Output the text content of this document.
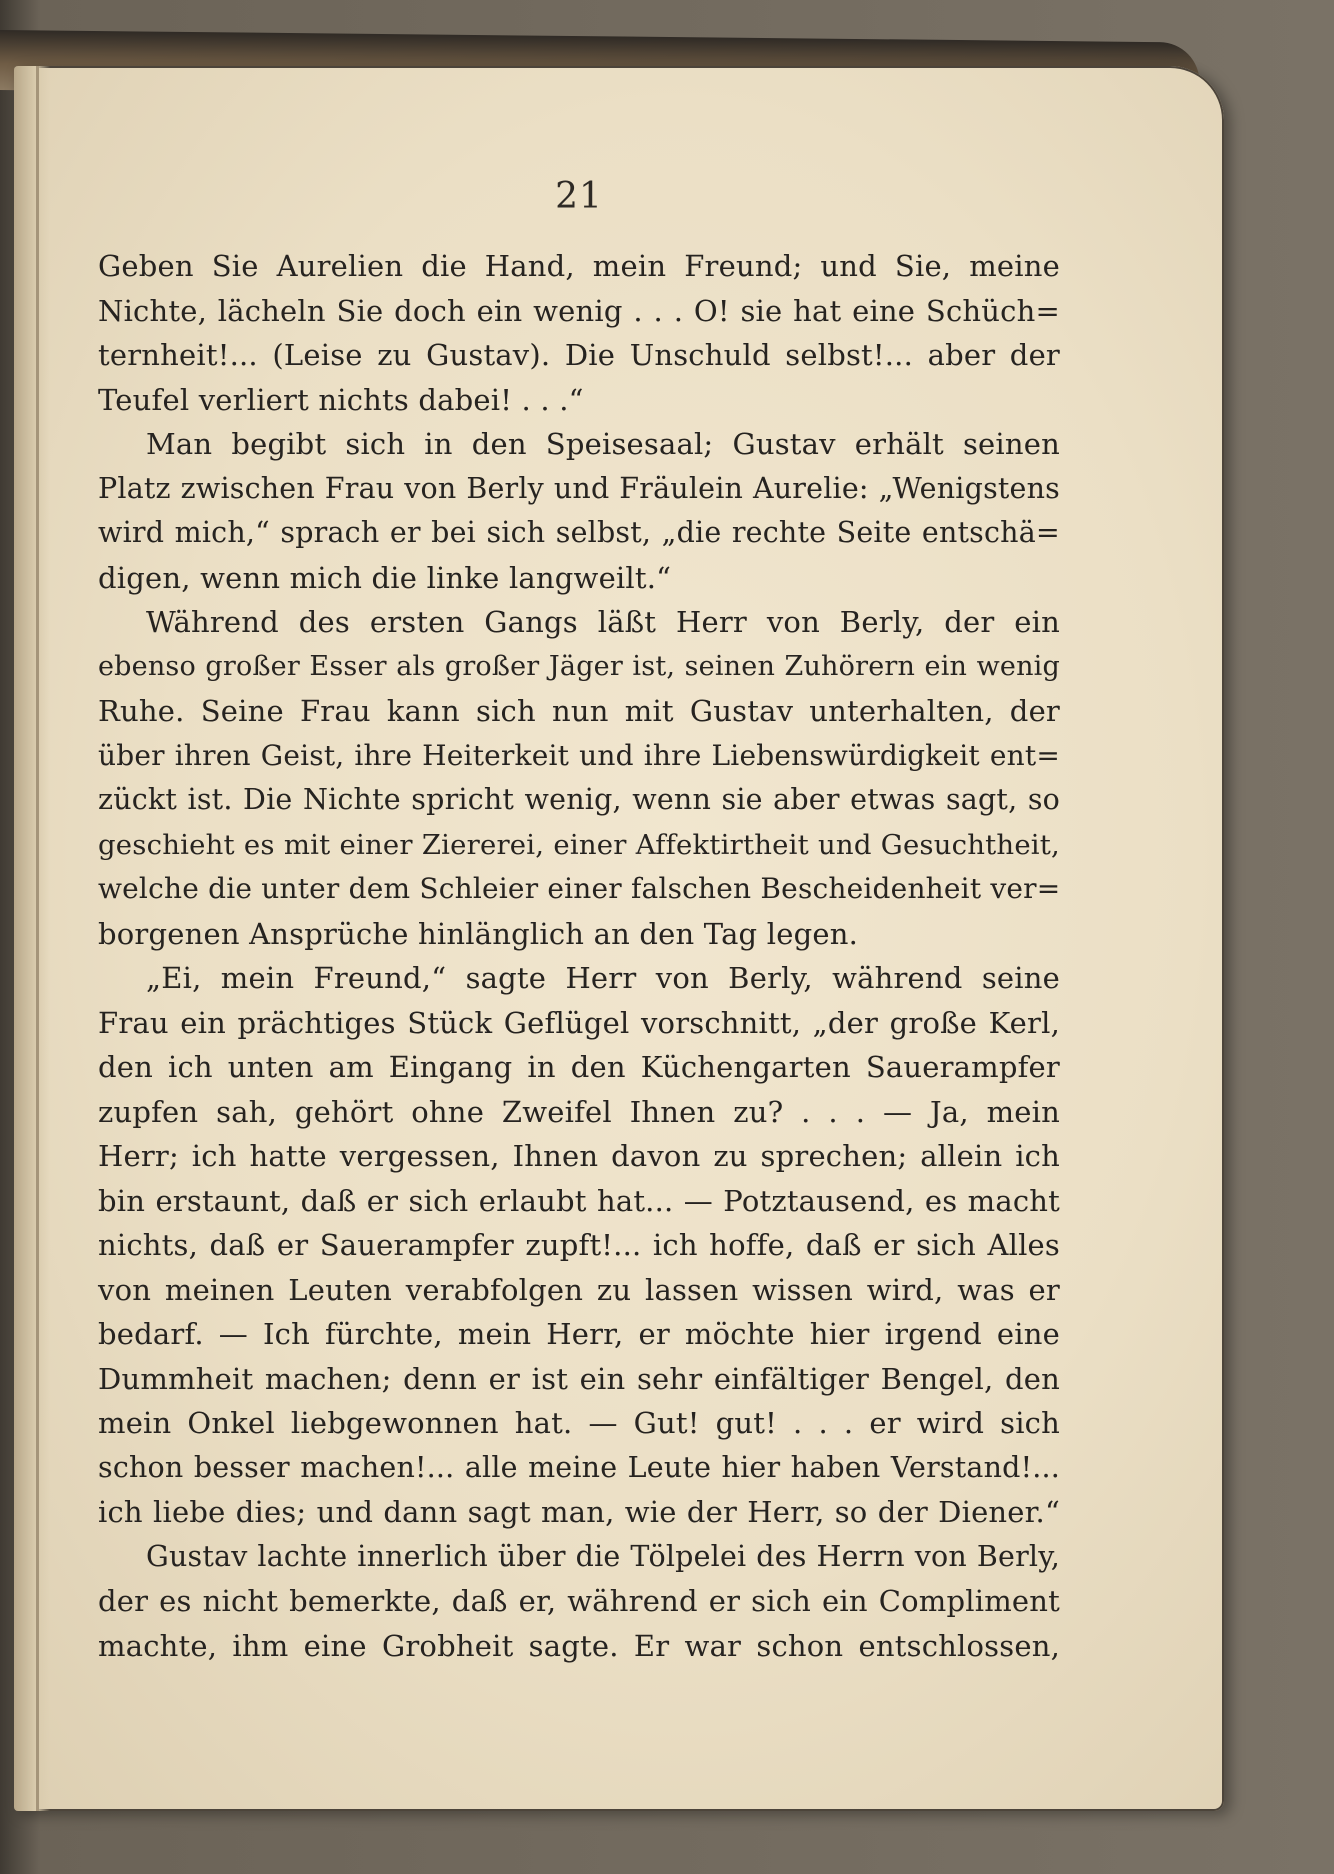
21
Geben Sie Aurelien die Hand, mein Freund; und Sie, meine
Nichte, lächeln Sie doch ein wenig . . . O! sie hat eine Schüch=
ternheit!... (Leise zu Gustav). Die Unschuld selbst!... aber der
Teufel verliert nichts dabei! . . .“
Man begibt sich in den Speisesaal; Gustav erhält seinen
Platz zwischen Frau von Berly und Fräulein Aurelie: „Wenigstens
wird mich,“ sprach er bei sich selbst, „die rechte Seite entschä=
digen, wenn mich die linke langweilt.“
Während des ersten Gangs läßt Herr von Berly, der ein
ebenso großer Esser als großer Jäger ist, seinen Zuhörern ein wenig
Ruhe. Seine Frau kann sich nun mit Gustav unterhalten, der
über ihren Geist, ihre Heiterkeit und ihre Liebenswürdigkeit ent=
zückt ist. Die Nichte spricht wenig, wenn sie aber etwas sagt, so
geschieht es mit einer Ziererei, einer Affektirtheit und Gesuchtheit,
welche die unter dem Schleier einer falschen Bescheidenheit ver=
borgenen Ansprüche hinlänglich an den Tag legen.
„Ei, mein Freund,“ sagte Herr von Berly, während seine
Frau ein prächtiges Stück Geflügel vorschnitt, „der große Kerl,
den ich unten am Eingang in den Küchengarten Sauerampfer
zupfen sah, gehört ohne Zweifel Ihnen zu? . . . — Ja, mein
Herr; ich hatte vergessen, Ihnen davon zu sprechen; allein ich
bin erstaunt, daß er sich erlaubt hat... — Potztausend, es macht
nichts, daß er Sauerampfer zupft!... ich hoffe, daß er sich Alles
von meinen Leuten verabfolgen zu lassen wissen wird, was er
bedarf. — Ich fürchte, mein Herr, er möchte hier irgend eine
Dummheit machen; denn er ist ein sehr einfältiger Bengel, den
mein Onkel liebgewonnen hat. — Gut! gut! . . . er wird sich
schon besser machen!... alle meine Leute hier haben Verstand!...
ich liebe dies; und dann sagt man, wie der Herr, so der Diener.“
Gustav lachte innerlich über die Tölpelei des Herrn von Berly,
der es nicht bemerkte, daß er, während er sich ein Compliment
machte, ihm eine Grobheit sagte. Er war schon entschlossen,
